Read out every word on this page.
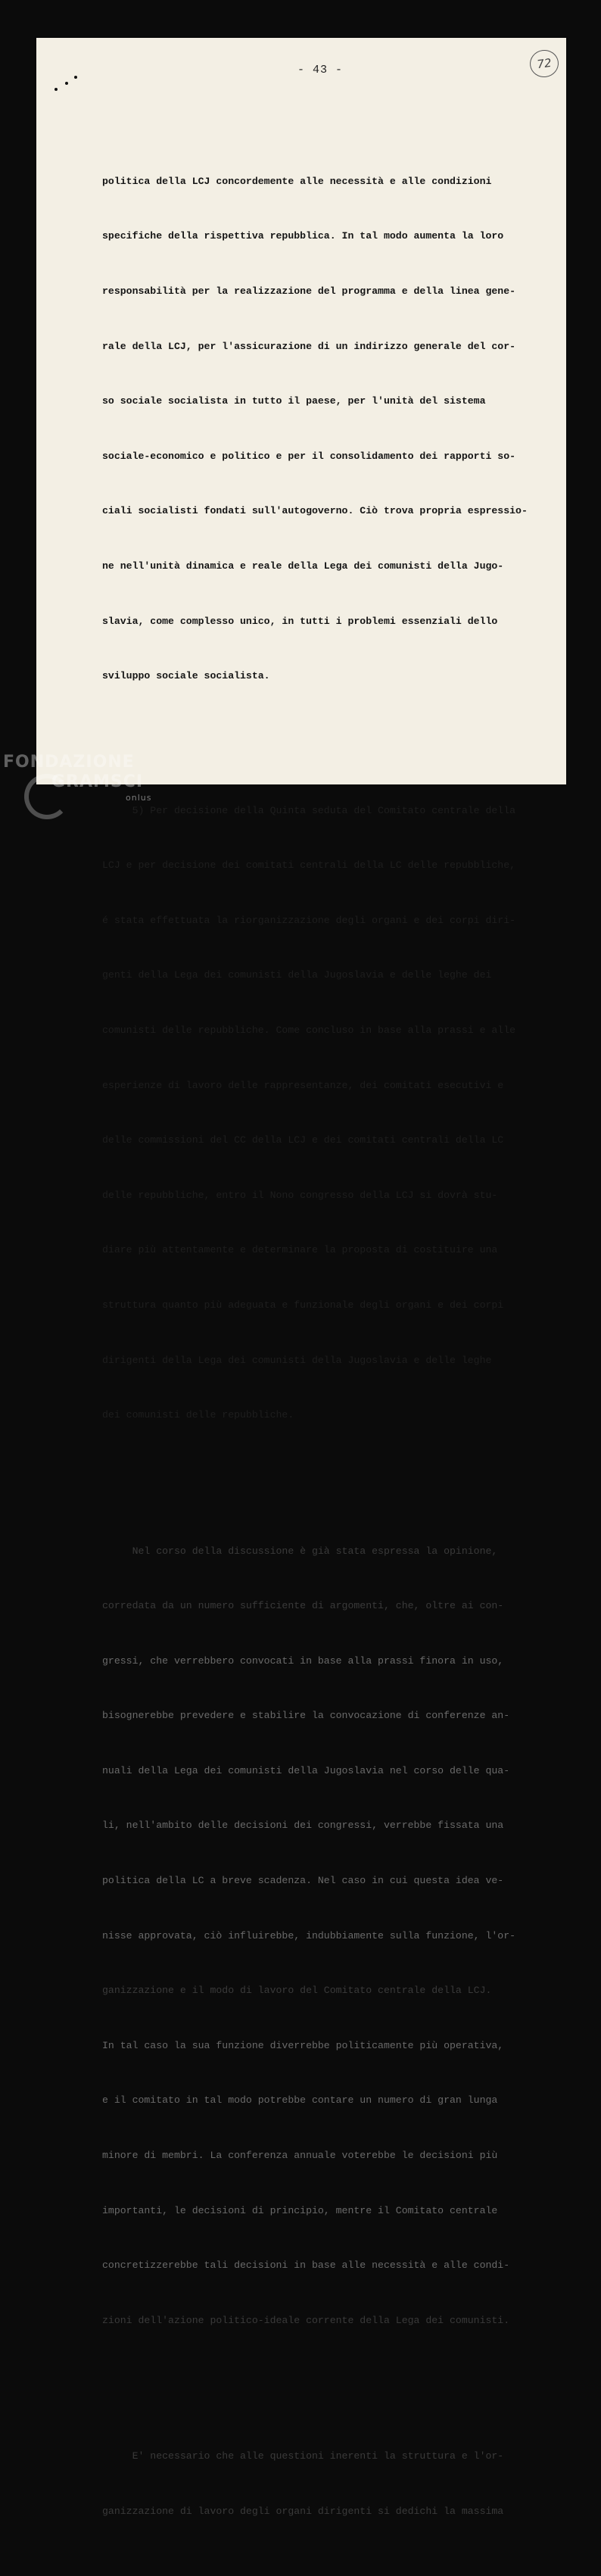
- 43 -	72

politica della LCJ concordemente alle necessità e alle condizioni

specifiche della rispettiva repubblica. In tal modo aumenta la loro

responsabilità per la realizzazione del programma e della linea gene-

rale della LCJ, per l'assicurazione di un indirizzo generale del cor-

so sociale socialista in tutto il paese, per l'unità del sistema

sociale-economico e politico e per il consolidamento dei rapporti so-

ciali socialisti fondati sull'autogoverno. Ciò trova propria espressio-

ne nell'unità dinamica e reale della Lega dei comunisti della Jugo-

slavia, come complesso unico, in tutti i problemi essenziali dello

sviluppo sociale socialista.

5) Per decisione della Quinta seduta del Comitato centrale della

LCJ e per decisione dei comitati centrali della LC delle repubbliche,

é stata effettuata la riorganizzazione degli organi e dei corpi diri-

genti della Lega dei comunisti della Jugoslavia e delle leghe dei

comunisti delle repubbliche. Come concluso in base alla prassi e alle

esperienze di lavoro delle rappresentanze, dei comitati esecutivi e

delle commissioni del CC della LCJ e dei comitati centrali della LC

delle repubbliche, entro il Nono congresso della LCJ si dovrà stu-

diare più attentamente e determinare la proposta di costituire una

struttura quanto più adeguata e funzionale degli organi e dei corpi

dirigenti della Lega dei comunisti della Jugoslavia e delle leghe

dei comunisti delle repubbliche.

Nel corso della discussione è già stata espressa la opinione,

corredata da un numero sufficiente di argomenti, che, oltre ai con-

gressi, che verrebbero convocati in base alla prassi finora in uso,

bisognerebbe prevedere e stabilire la convocazione di conferenze an-

nuali della Lega dei comunisti della Jugoslavia nel corso delle qua-

li, nell'ambito delle decisioni dei congressi, verrebbe fissata una

politica della LC a breve scadenza. Nel caso in cui questa idea ve-

nisse approvata, ciò influirebbe, indubbiamente sulla funzione, l'or-

ganizzazione e il modo di lavoro del Comitato centrale della LCJ.

In tal caso la sua funzione diverrebbe politicamente più operativa,

e il comitato in tal modo potrebbe contare un numero di gran lunga

minore di membri. La conferenza annuale voterebbe le decisioni più

importanti, le decisioni di principio, mentre il Comitato centrale

concretizzerebbe tali decisioni in base alle necessità e alle condi-

zioni dell'azione politico-ideale corrente della Lega dei comunisti.

E' necessario che alle questioni inerenti la struttura e l'or-

ganizzazione di lavoro degli organi dirigenti si dedichi la massima

FONDAZIONE
GRAMSCI
onlus
